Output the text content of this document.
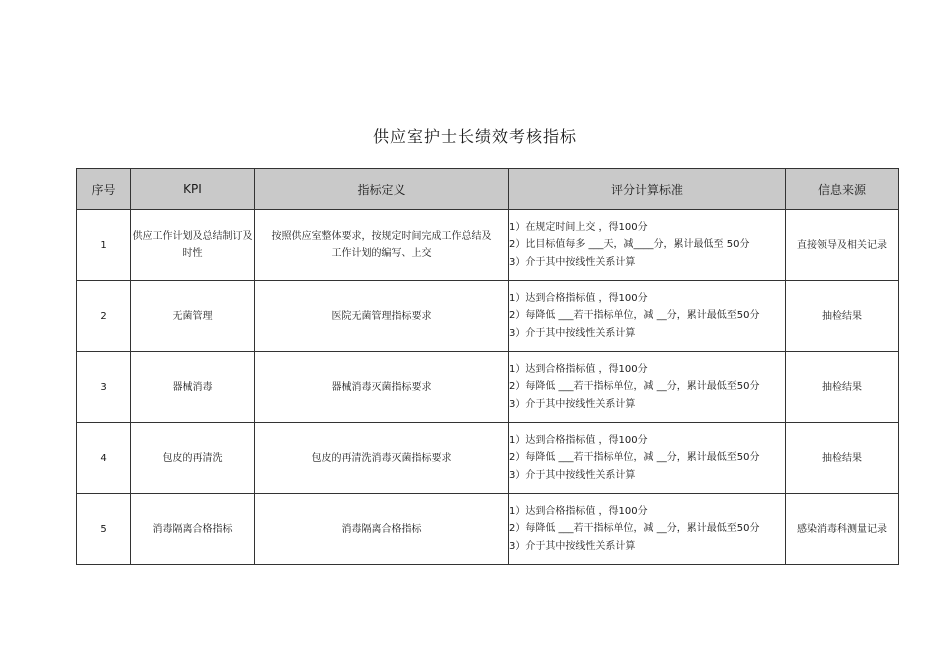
供应室护士长绩效考核指标
序号	KPI	指标定义	评分计算标准	信息来源
1	供应工作计划及总结制订及时性	按照供应室整体要求，按规定时间完成工作总结及工作计划的编写、上交	1）在规定时间上交 ，得100分
2）比目标值每多 ___天，减____分，累计最低至 50分
3）介于其中按线性关系计算	直接领导及相关记录
2	无菌管理	医院无菌管理指标要求	1）达到合格指标值 ，得100分
2）每降低 ___若干指标单位，减 __分，累计最低至50分
3）介于其中按线性关系计算	抽检结果
3	器械消毒	器械消毒灭菌指标要求	1）达到合格指标值 ，得100分
2）每降低 ___若干指标单位，减 __分，累计最低至50分
3）介于其中按线性关系计算	抽检结果
4	包皮的再清洗	包皮的再清洗消毒灭菌指标要求	1）达到合格指标值 ，得100分
2）每降低 ___若干指标单位，减 __分，累计最低至50分
3）介于其中按线性关系计算	抽检结果
5	消毒隔离合格指标	消毒隔离合格指标	1）达到合格指标值 ，得100分
2）每降低 ___若干指标单位，减 __分，累计最低至50分
3）介于其中按线性关系计算	感染消毒科测量记录
